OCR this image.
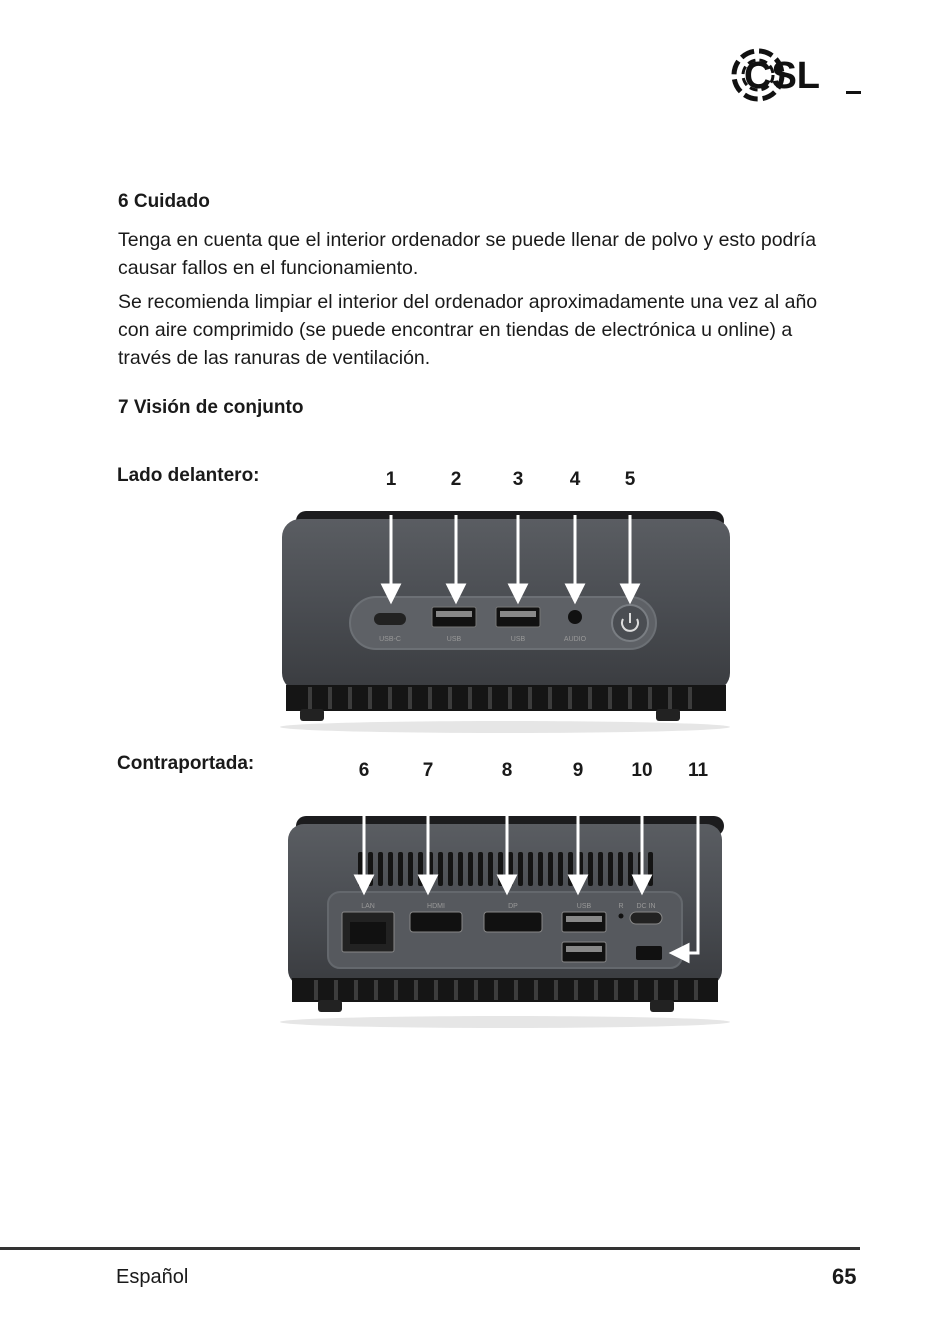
CSL
6 Cuidado

Tenga en cuenta que el interior ordenador se puede llenar de polvo y esto podría
causar fallos en el funcionamiento.

Se recomienda limpiar el interior del ordenador aproximadamente una vez al año
con aire comprimido (se puede encontrar en tiendas de electrónica u online) a
través de las ranuras de ventilación.

7 Visión de conjunto
Lado delantero:
Contraportada:
1	2	3 4 5
6	7	8	9	10 11
USB-C	USB	USB	AUDIO
LAN	HDMI	DP	USB	R DC IN
Español	65
